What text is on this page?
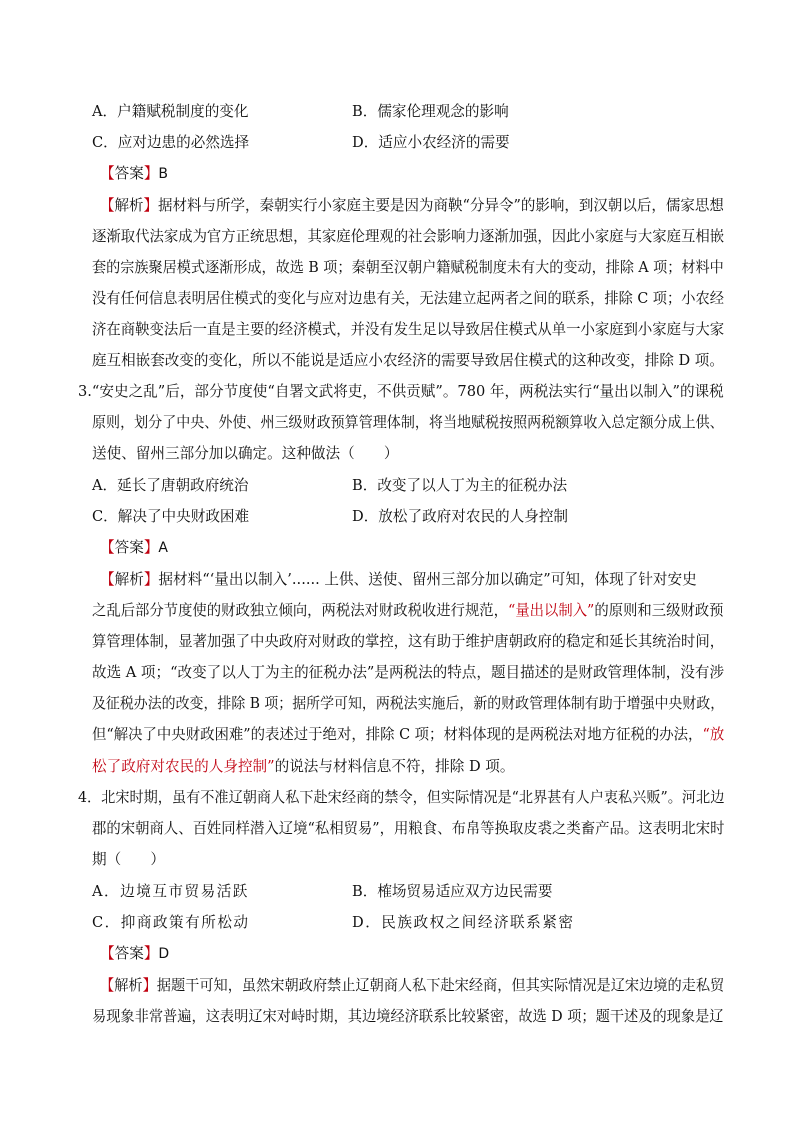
A．户籍赋税制度的变化	B．儒家伦理观念的影响
C．应对边患的必然选择	D．适应小农经济的需要
【答案】B
【解析】据材料与所学，秦朝实行小家庭主要是因为商鞅“分异令”的影响，到汉朝以后，儒家思想
逐渐取代法家成为官方正统思想，其家庭伦理观的社会影响力逐渐加强，因此小家庭与大家庭互相嵌
套的宗族聚居模式逐渐形成，故选 B 项；秦朝至汉朝户籍赋税制度未有大的变动，排除 A 项；材料中
没有任何信息表明居住模式的变化与应对边患有关，无法建立起两者之间的联系，排除 C 项；小农经
济在商鞅变法后一直是主要的经济模式，并没有发生足以导致居住模式从单一小家庭到小家庭与大家
庭互相嵌套改变的变化，所以不能说是适应小农经济的需要导致居住模式的这种改变，排除 D 项。
3.“安史之乱”后，部分节度使“自署文武将吏，不供贡赋”。780 年，两税法实行“量出以制入”的课税
原则，划分了中央、外使、州三级财政预算管理体制，将当地赋税按照两税额算收入总定额分成上供、
送使、留州三部分加以确定。这种做法（　　）
A．延长了唐朝政府统治	B．改变了以人丁为主的征税办法
C．解决了中央财政困难	D．放松了政府对农民的人身控制
【答案】A
【解析】据材料“‘量出以制入’...... 上供、送使、留州三部分加以确定”可知，体现了针对安史
之乱后部分节度使的财政独立倾向，两税法对财政税收进行规范，“量出以制入”的原则和三级财政预
算管理体制，显著加强了中央政府对财政的掌控，这有助于维护唐朝政府的稳定和延长其统治时间，
故选 A 项；“改变了以人丁为主的征税办法”是两税法的特点，题目描述的是财政管理体制，没有涉
及征税办法的改变，排除 B 项；据所学可知，两税法实施后，新的财政管理体制有助于增强中央财政，
但“解决了中央财政困难”的表述过于绝对，排除 C 项；材料体现的是两税法对地方征税的办法，“放
松了政府对农民的人身控制”的说法与材料信息不符，排除 D 项。
4．北宋时期，虽有不准辽朝商人私下赴宋经商的禁令，但实际情况是“北界甚有人户衷私兴贩”。河北边
郡的宋朝商人、百姓同样潜入辽境“私相贸易”，用粮食、布帛等换取皮裘之类畜产品。这表明北宋时
期（　　）
A．边境互市贸易活跃	B．榷场贸易适应双方边民需要
C．抑商政策有所松动	D．民族政权之间经济联系紧密
【答案】D
【解析】据题干可知，虽然宋朝政府禁止辽朝商人私下赴宋经商，但其实际情况是辽宋边境的走私贸
易现象非常普遍，这表明辽宋对峙时期，其边境经济联系比较紧密，故选 D 项；题干述及的现象是辽
